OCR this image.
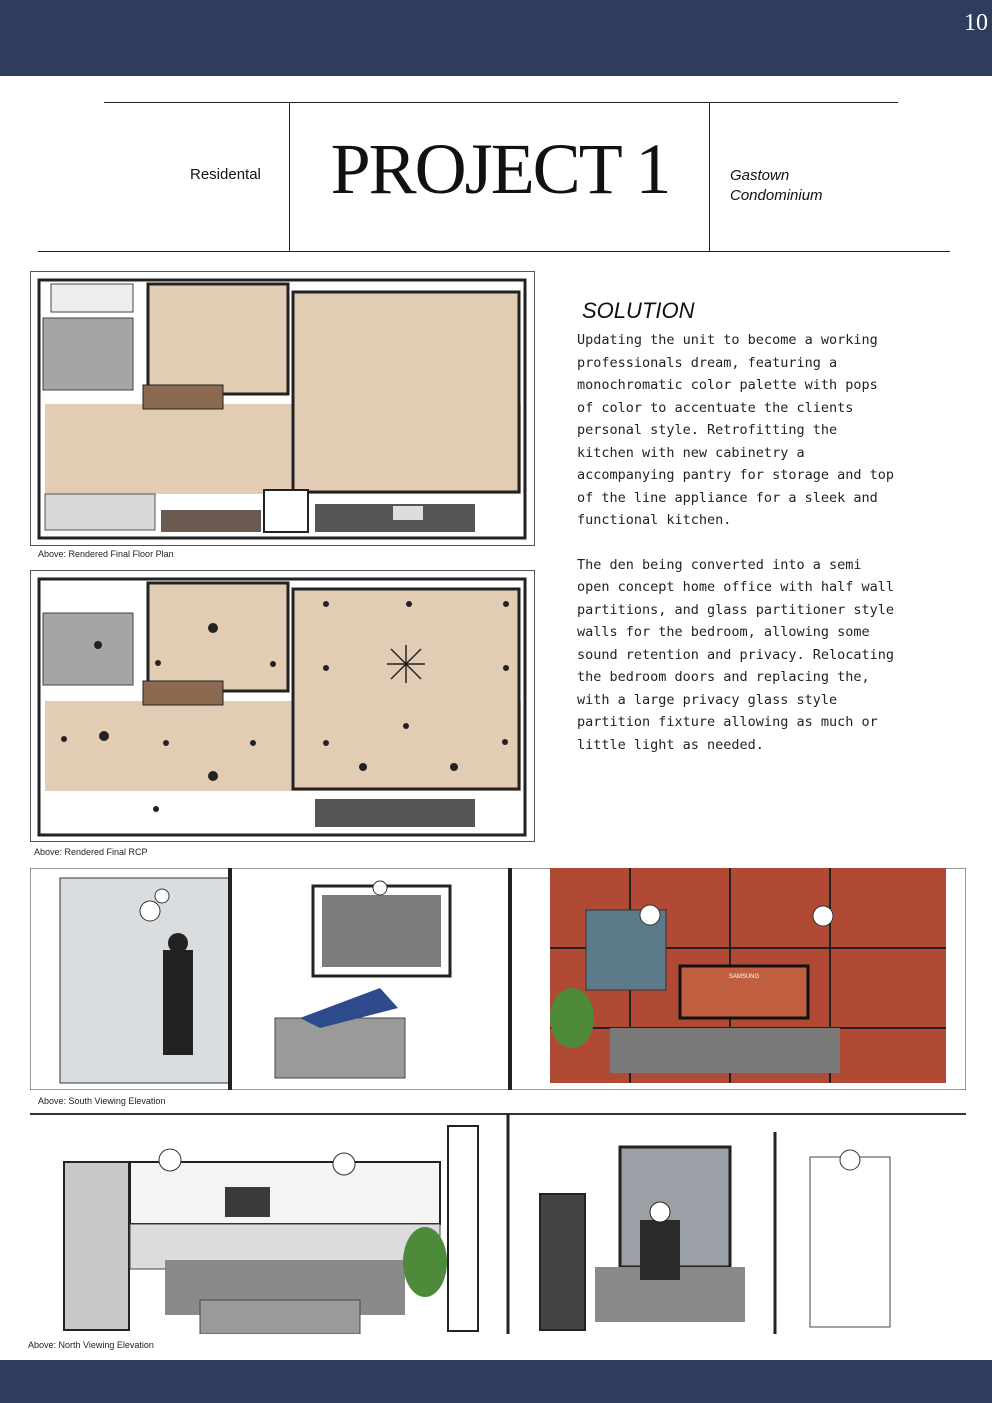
10
Residental PROJECT 1	Gastown
Condominium
Above: Rendered Final Floor Plan
Above: Rendered Final RCP
SOLUTION

Updating the unit to become a working professionals dream, featuring a monochromatic color palette with pops of color to accentuate the clients personal style. Retrofitting the kitchen with new cabinetry a accompanying pantry for storage and top of the line appliance for a sleek and functional kitchen.

The den being converted into a semi open concept home office with half wall partitions, and glass partitioner style walls for the bedroom, allowing some sound retention and privacy. Relocating the bedroom doors and replacing the, with a large privacy glass style partition fixture allowing as much or little light as needed.

SAMSUNG
Above: South Viewing Elevation
Above: North Viewing Elevation
